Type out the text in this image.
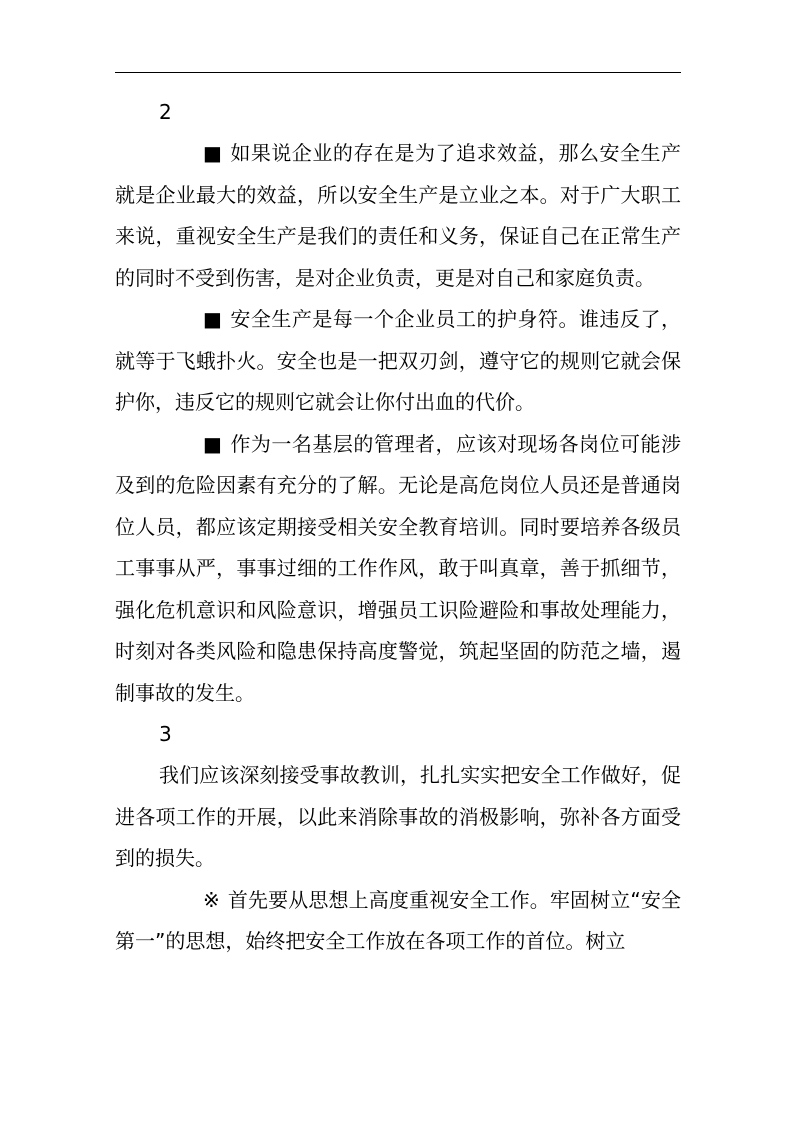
2

■ 如果说企业的存在是为了追求效益，那么安全生产就是企业最大的效益，所以安全生产是立业之本。对于广大职工来说，重视安全生产是我们的责任和义务，保证自己在正常生产的同时不受到伤害，是对企业负责，更是对自己和家庭负责。

■ 安全生产是每一个企业员工的护身符。谁违反了，就等于飞蛾扑火。安全也是一把双刃剑，遵守它的规则它就会保护你，违反它的规则它就会让你付出血的代价。

■ 作为一名基层的管理者，应该对现场各岗位可能涉及到的危险因素有充分的了解。无论是高危岗位人员还是普通岗位人员，都应该定期接受相关安全教育培训。同时要培养各级员工事事从严，事事过细的工作作风，敢于叫真章，善于抓细节，强化危机意识和风险意识，增强员工识险避险和事故处理能力，时刻对各类风险和隐患保持高度警觉，筑起坚固的防范之墙，遏制事故的发生。

3

我们应该深刻接受事故教训，扎扎实实把安全工作做好，促进各项工作的开展，以此来消除事故的消极影响，弥补各方面受到的损失。

※ 首先要从思想上高度重视安全工作。牢固树立“安全第一”的思想，始终把安全工作放在各项工作的首位。树立
